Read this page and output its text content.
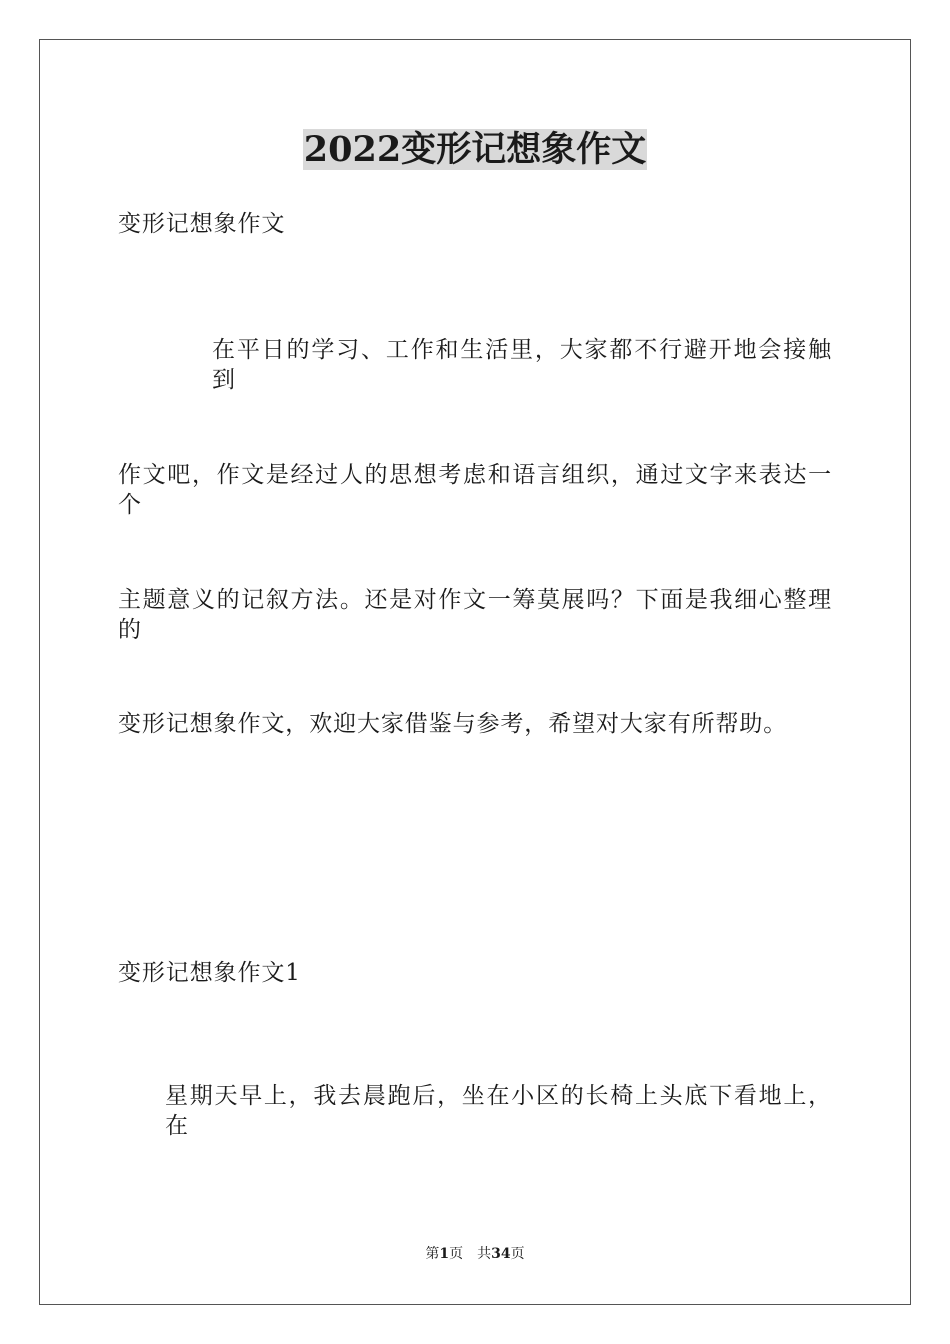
2022变形记想象作文

变形记想象作文

在平日的学习、工作和生活里，大家都不行避开地会接触到

作文吧，作文是经过人的思想考虑和语言组织，通过文字来表达一个

主题意义的记叙方法。还是对作文一筹莫展吗？下面是我细心整理的

变形记想象作文，欢迎大家借鉴与参考，希望对大家有所帮助。

变形记想象作文1

星期天早上，我去晨跑后，坐在小区的长椅上头底下看地上，在

第1页 共34页
